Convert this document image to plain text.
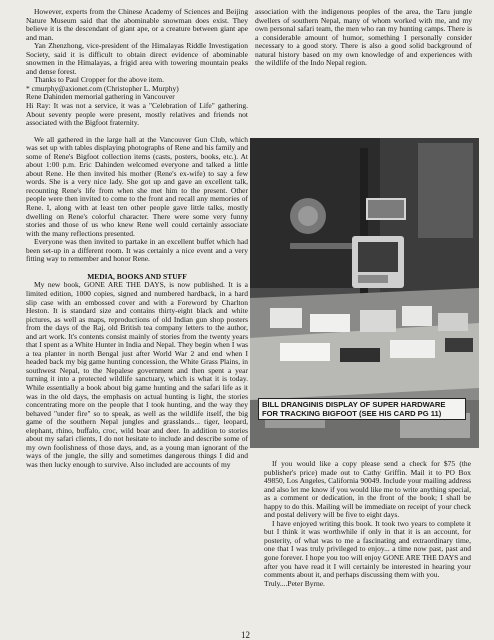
However, experts from the Chinese Academy of Sciences and Beijing Nature Museum said that the abominable snowman does exist. They believe it is the descendant of giant ape, or a creature between giant ape and man.

Yan Zhenzhong, vice-president of the Himalayas Riddle Investigation Society, said it is difficult to obtain direct evidence of abominable snowmen in the Himalayas, a frigid area with towering mountain peaks and dense forest.

Thanks to Paul Cropper for the above item.

* cmurphy@axionet.com (Christopher L. Murphy)

Rene Dahinden memorial gathering in Vancouver

Hi Ray: It was not a service, it was a "Celebration of Life" gathering. About seventy people were present, mostly relatives and friends not associated with the Bigfoot fraternity.

We all gathered in the large hall at the Vancouver Gun Club, which was set up with tables displaying photographs of Rene and his family and some of Rene's Bigfoot collection items (casts, posters, books, etc.). At about 1:00 p.m. Eric Dahinden welcomed everyone and talked a little about Rene. He then invited his mother (Rene's ex-wife) to say a few words. She is a very nice lady. She got up and gave an excellent talk, recounting Rene's life from when she met him to the present. Other people were then invited to come to the front and recall any memories of Rene. I, along with at least ten other people gave little talks, mostly dwelling on Rene's colorful character. There were some very funny stories and those of us who knew Rene well could certainly associate with the many reflections presented.

Everyone was then invited to partake in an excellent buffet which had been set-up in a different room. It was certainly a nice event and a very fitting way to remember and honor Rene.

MEDIA, BOOKS AND STUFF

My new book, GONE ARE THE DAYS, is now published. It is a limited edition, 1000 copies, signed and numbered hardback, in a hard slip case with an embossed cover and with a Foreword by Charlton Heston. It is standard size and contains thirty-eight black and white pictures, as well as maps, reproductions of old Indian gun shop posters from the days of the Raj, old British tea company letters to the author, and art work. It's contents consist mainly of stories from the twenty years that I spent as a White Hunter in India and Nepal. They begin when I was a tea planter in north Bengal just after World War 2 and end when I headed back my big game hunting concession, the White Grass Plains, in southwest Nepal, to the Nepalese government and then spent a year turning it into a protected wildlife sanctuary, which is what it is today. While essentially a book about big game hunting and the safari life as it was in the old days, the emphasis on actual hunting is light, the stories concentrating more on the people that I took hunting, and the way they behaved "under fire" so to speak, as well as the wildlife itself, the big game of the southern Nepal jungles and grasslands... tiger, leopard, elephant, rhino, buffalo, croc, wild boar and deer. In addition to stories about my safari clients, I do not hesitate to include and describe some of my own foolishness of those days, and, as a young man ignorant of the ways of the jungle, the silly and sometimes dangerous things I did and was then lucky enough to survive. Also included are accounts of my

association with the indigenous peoples of the area, the Taru jungle dwellers of southern Nepal, many of whom worked with me, and my own personal safari team, the men who ran my hunting camps. There is a considerable amount of humor, something I personally consider necessary to a good story. There is also a good solid background of natural history based on my own knowledge of and experiences with the wildlife of the Indo Nepal region.

BILL DRANGINIS DISPLAY OF SUPER HARDWARE FOR TRACKING BIGFOOT (SEE HIS CARD PG 11)

If you would like a copy please send a check for $75 (the publisher's price) made out to Cathy Griffin. Mail it to PO Box 49850, Los Angeles, California 90049. Include your mailing address and also let me know if you would like me to write anything special, as a comment or dedication, in the front of the book; I shall be happy to do this. Mailing will be immediate on receipt of your check and postal delivery will be five to eight days.

I have enjoyed writing this book. It took two years to complete it but I think it was worthwhile if only in that it is an account, for posterity, of what was to me a fascinating and extraordinary time, one that I was truly privileged to enjoy... a time now past, past and gone forever. I hope you too will enjoy GONE ARE THE DAYS and after you have read it I will certainly be interested in hearing your comments about it, and perhaps discussing them with you.

Truly....Peter Byrne.

12
